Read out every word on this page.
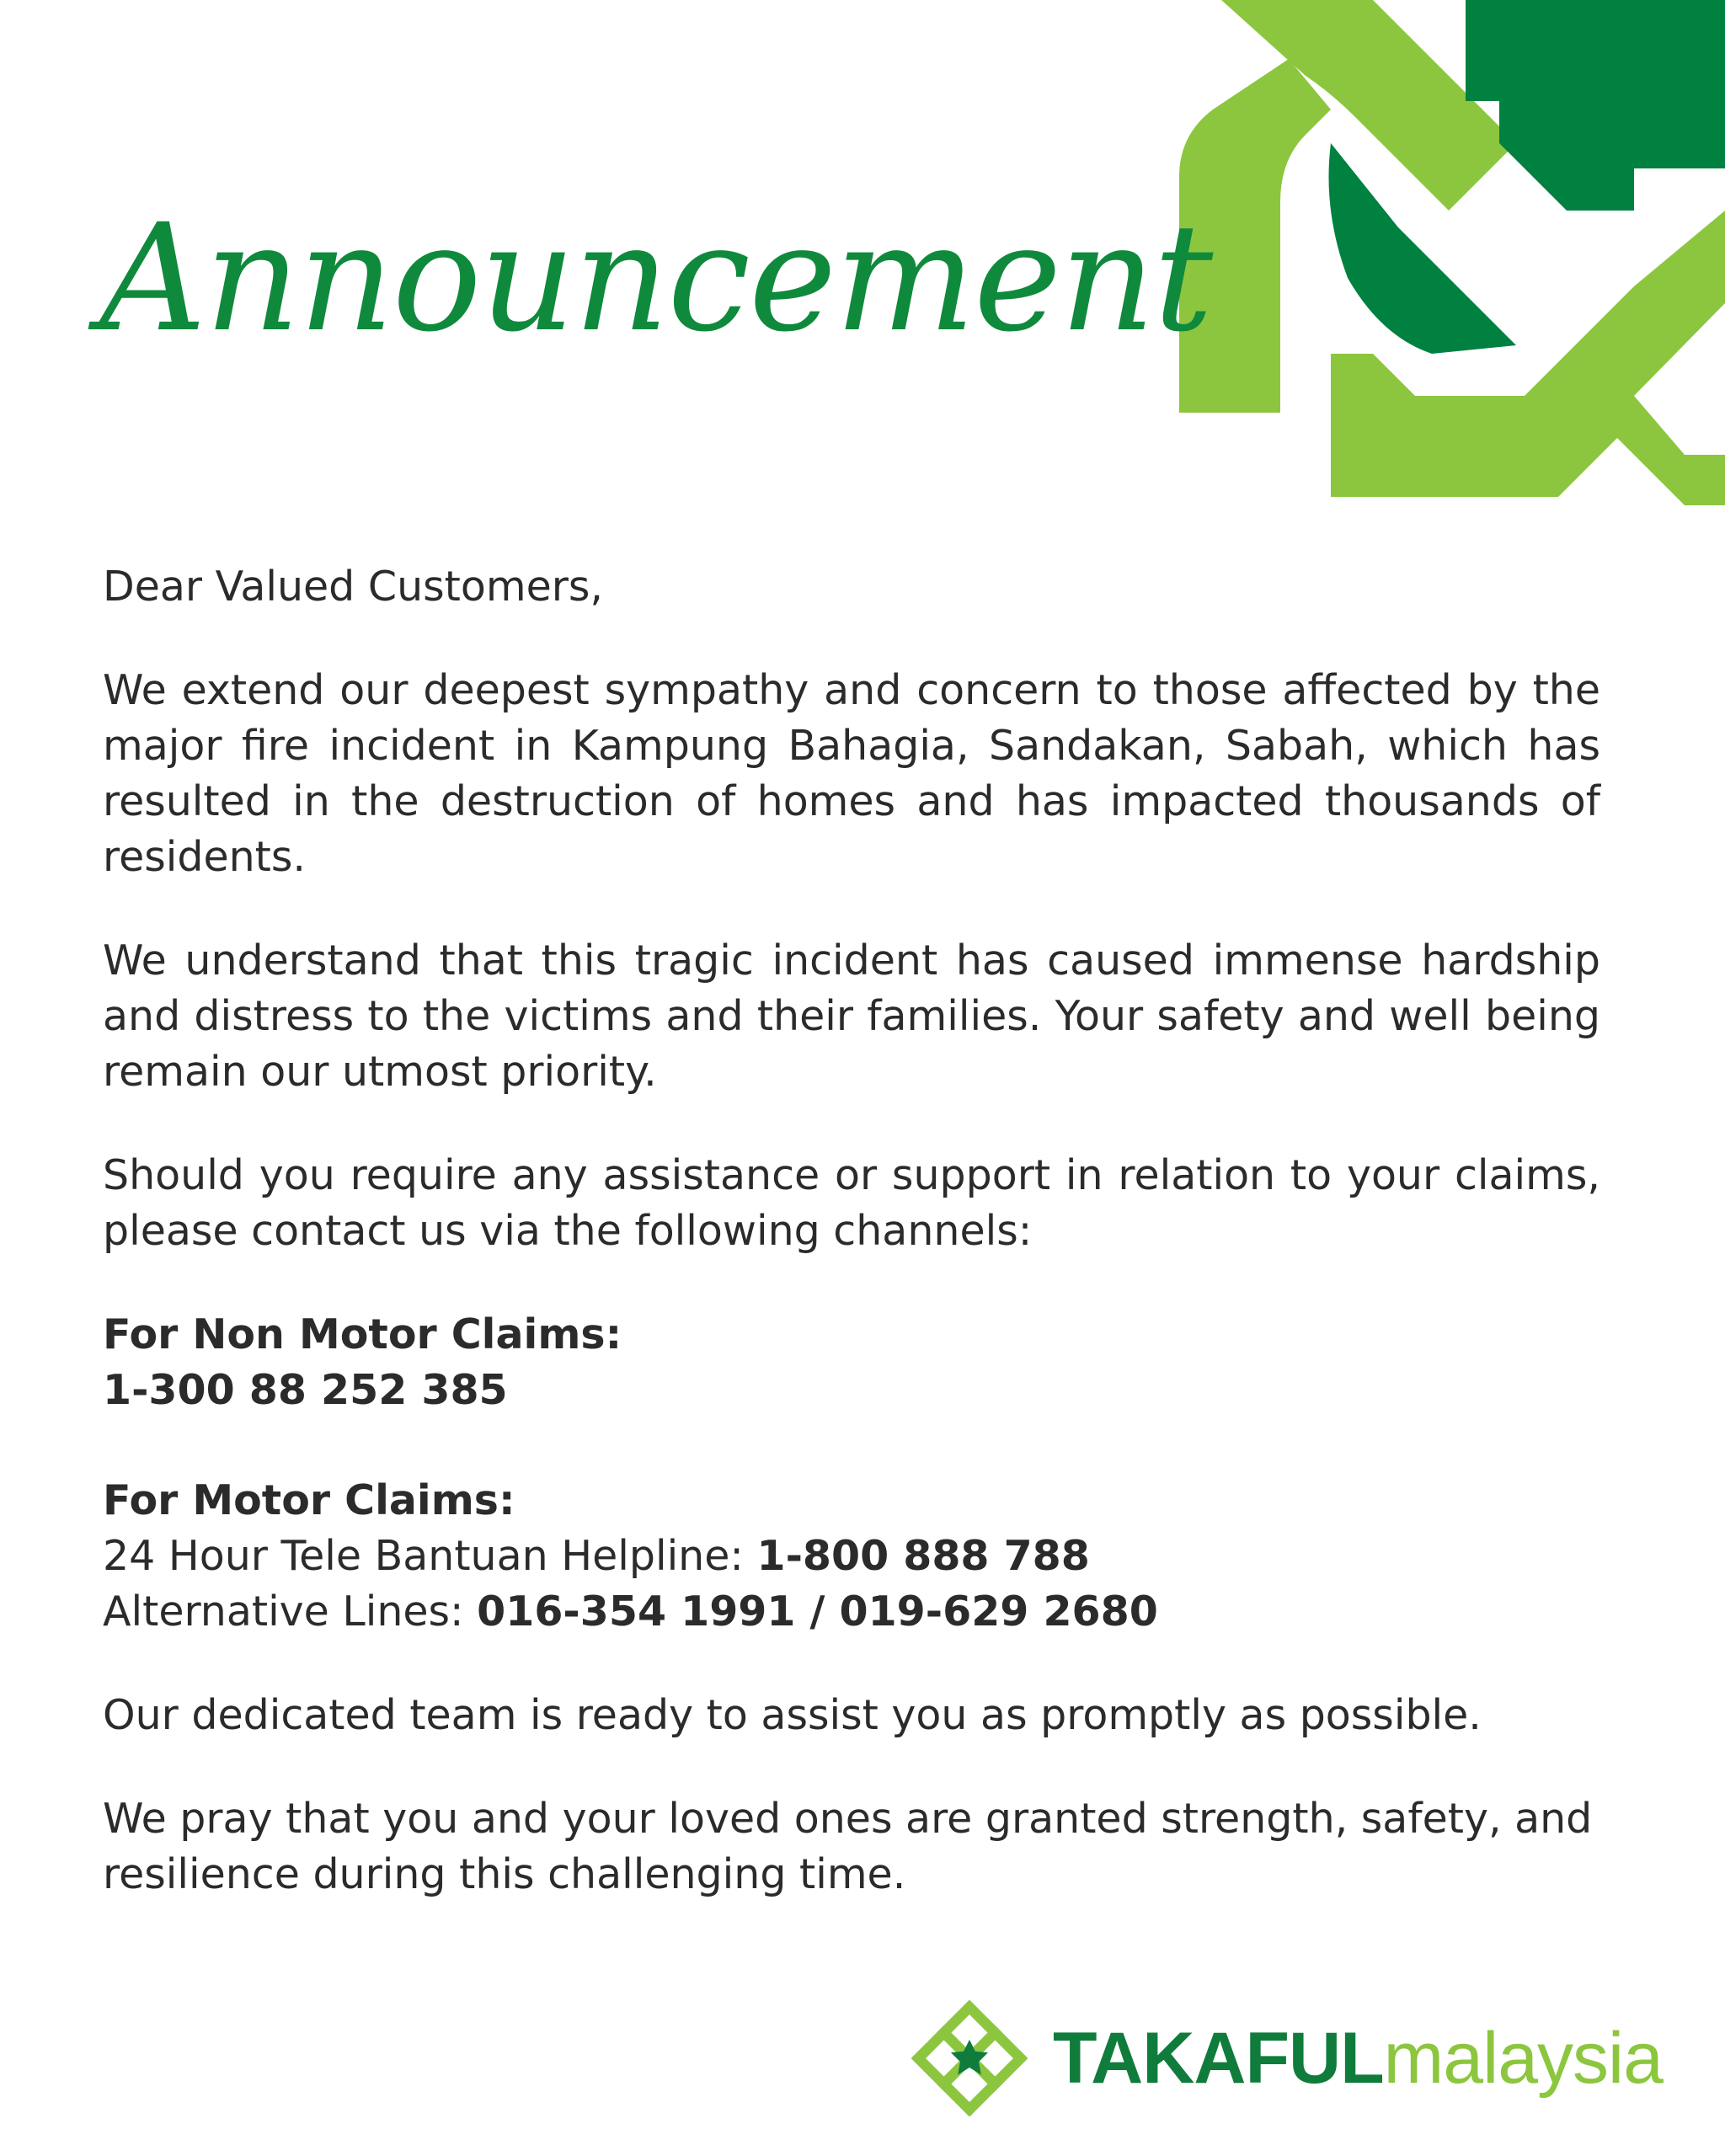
Announcement

Dear Valued Customers,

We extend our deepest sympathy and concern to those affected by the major fire incident in Kampung Bahagia, Sandakan, Sabah, which has resulted in the destruction of homes and has impacted thousands of residents.

We understand that this tragic incident has caused immense hardship and distress to the victims and their families. Your safety and well being remain our utmost priority.

Should you require any assistance or support in relation to your claims, please contact us via the following channels:

For Non Motor Claims:
1-300 88 252 385
For Motor Claims:
24 Hour Tele Bantuan Helpline: 1-800 888 788
Alternative Lines: 016-354 1991 / 019-629 2680

Our dedicated team is ready to assist you as promptly as possible.

We pray that you and your loved ones are granted strength, safety, and resilience during this challenging time.

TAKAFULmalaysia
